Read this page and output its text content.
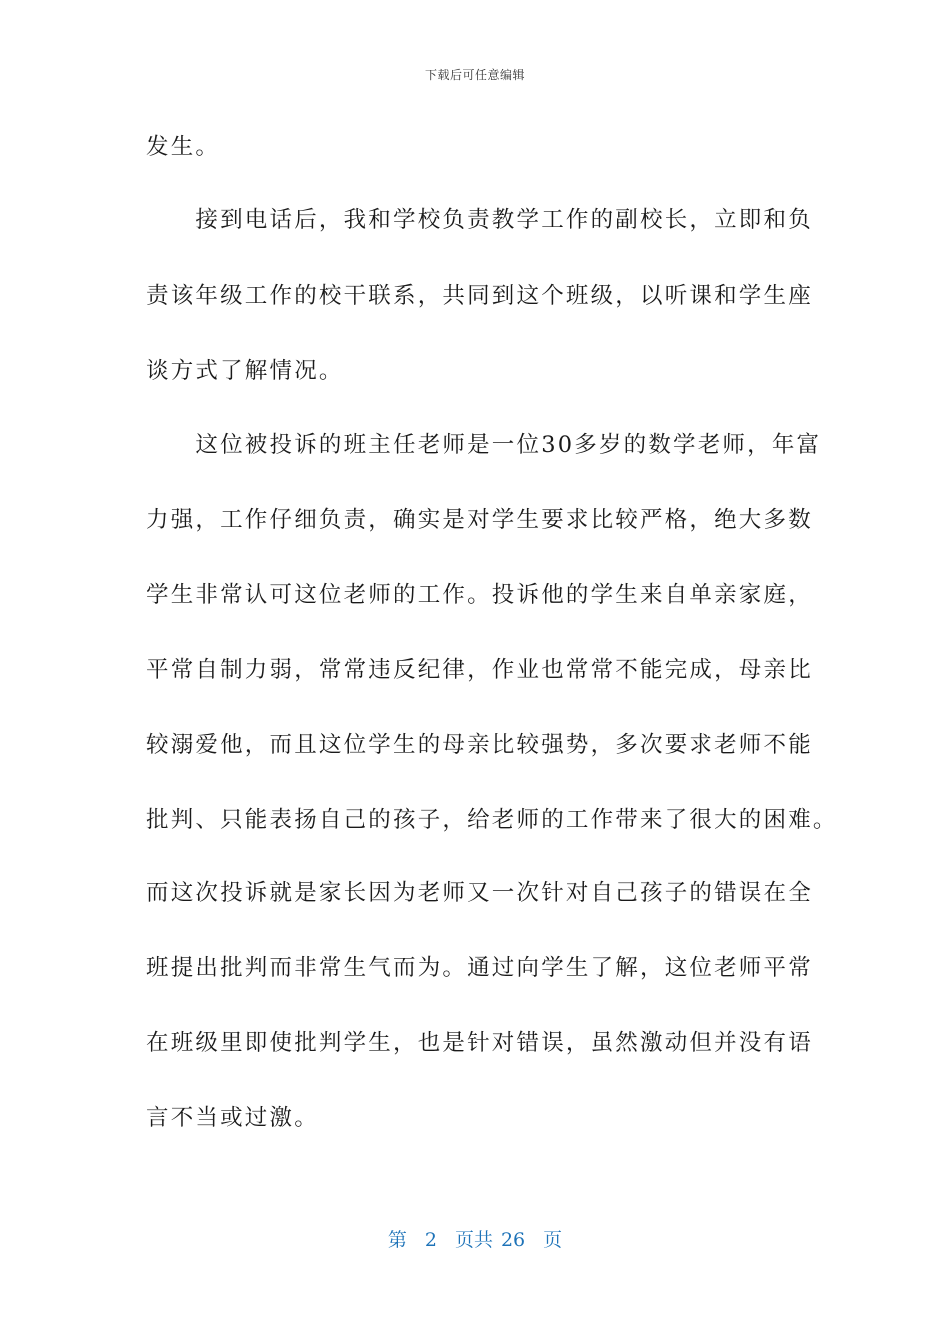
下载后可任意编辑
发生。
　　接到电话后，我和学校负责教学工作的副校长，立即和负
责该年级工作的校干联系，共同到这个班级，以听课和学生座
谈方式了解情况。
　　这位被投诉的班主任老师是一位30多岁的数学老师，年富
力强，工作仔细负责，确实是对学生要求比较严格，绝大多数
学生非常认可这位老师的工作。投诉他的学生来自单亲家庭，
平常自制力弱，常常违反纪律，作业也常常不能完成，母亲比
较溺爱他，而且这位学生的母亲比较强势，多次要求老师不能
批判、只能表扬自己的孩子，给老师的工作带来了很大的困难。
而这次投诉就是家长因为老师又一次针对自己孩子的错误在全
班提出批判而非常生气而为。通过向学生了解，这位老师平常
在班级里即使批判学生，也是针对错误，虽然激动但并没有语
言不当或过激。
第 2 页共 26 页
